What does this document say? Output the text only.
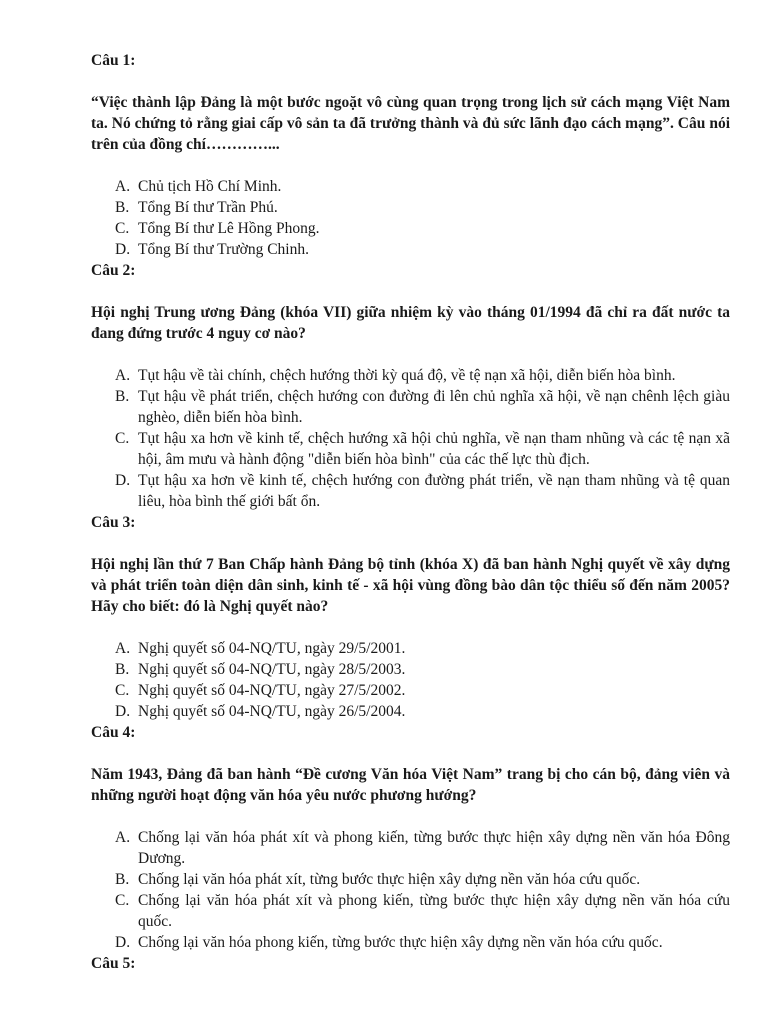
Câu 1:

“Việc thành lập Đảng là một bước ngoặt vô cùng quan trọng trong lịch sử cách mạng Việt Nam ta. Nó chứng tỏ rằng giai cấp vô sản ta đã trưởng thành và đủ sức lãnh đạo cách mạng”. Câu nói trên của đồng chí…………...

A. Chủ tịch Hồ Chí Minh.
B. Tổng Bí thư Trần Phú.
C. Tổng Bí thư Lê Hồng Phong.
D. Tổng Bí thư Trường Chinh.
Câu 2:

Hội nghị Trung ương Đảng (khóa VII) giữa nhiệm kỳ vào tháng 01/1994 đã chỉ ra đất nước ta đang đứng trước 4 nguy cơ nào?

A. Tụt hậu về tài chính, chệch hướng thời kỳ quá độ, về tệ nạn xã hội, diễn biến hòa bình.
B. Tụt hậu về phát triển, chệch hướng con đường đi lên chủ nghĩa xã hội, về nạn chênh lệch giàu nghèo, diễn biến hòa bình.
C. Tụt hậu xa hơn về kinh tế, chệch hướng xã hội chủ nghĩa, về nạn tham nhũng và các tệ nạn xã hội, âm mưu và hành động "diễn biến hòa bình" của các thế lực thù địch.
D. Tụt hậu xa hơn về kinh tế, chệch hướng con đường phát triển, về nạn tham nhũng và tệ quan liêu, hòa bình thế giới bất ổn.
Câu 3:

Hội nghị lần thứ 7 Ban Chấp hành Đảng bộ tỉnh (khóa X) đã ban hành Nghị quyết về xây dựng và phát triển toàn diện dân sinh, kinh tế - xã hội vùng đồng bào dân tộc thiểu số đến năm 2005? Hãy cho biết: đó là Nghị quyết nào?

A. Nghị quyết số 04-NQ/TU, ngày 29/5/2001.
B. Nghị quyết số 04-NQ/TU, ngày 28/5/2003.
C. Nghị quyết số 04-NQ/TU, ngày 27/5/2002.
D. Nghị quyết số 04-NQ/TU, ngày 26/5/2004.
Câu 4:

Năm 1943, Đảng đã ban hành “Đề cương Văn hóa Việt Nam” trang bị cho cán bộ, đảng viên và những người hoạt động văn hóa yêu nước phương hướng?

A. Chống lại văn hóa phát xít và phong kiến, từng bước thực hiện xây dựng nền văn hóa Đông Dương.
B. Chống lại văn hóa phát xít, từng bước thực hiện xây dựng nền văn hóa cứu quốc.
C. Chống lại văn hóa phát xít và phong kiến, từng bước thực hiện xây dựng nền văn hóa cứu quốc.
D. Chống lại văn hóa phong kiến, từng bước thực hiện xây dựng nền văn hóa cứu quốc.
Câu 5:
